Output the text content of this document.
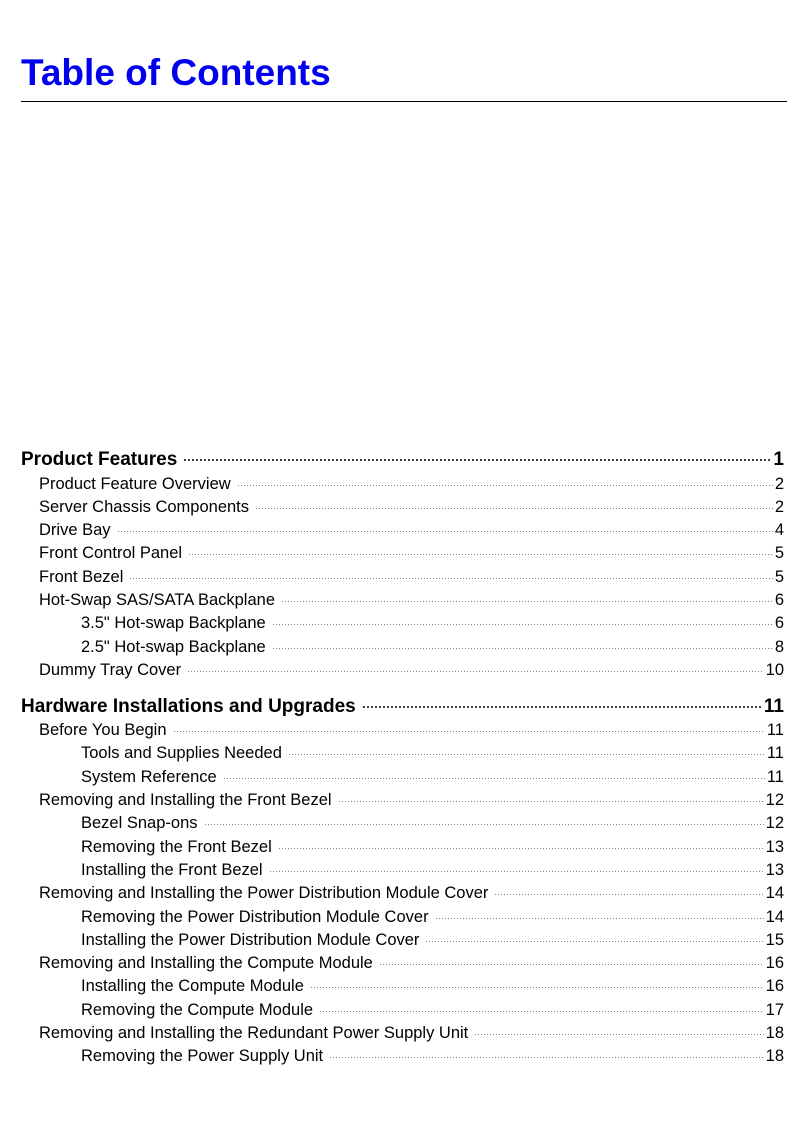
Table of Contents
Product Features	1
Product Feature Overview	2
Server Chassis Components	2
Drive Bay	4
Front Control Panel	5
Front Bezel	5
Hot-Swap SAS/SATA Backplane	6
3.5" Hot-swap Backplane	6
2.5" Hot-swap Backplane	8
Dummy Tray Cover	10
Hardware Installations and Upgrades	11
Before You Begin	11
Tools and Supplies Needed	11
System Reference	11
Removing and Installing the Front Bezel	12
Bezel Snap-ons	12
Removing the Front Bezel	13
Installing the Front Bezel	13
Removing and Installing the Power Distribution Module Cover	14
Removing the Power Distribution Module Cover	14
Installing the Power Distribution Module Cover	15
Removing and Installing the Compute Module	16
Installing the Compute Module	16
Removing the Compute Module	17
Removing and Installing the Redundant Power Supply Unit	18
Removing the Power Supply Unit	18
